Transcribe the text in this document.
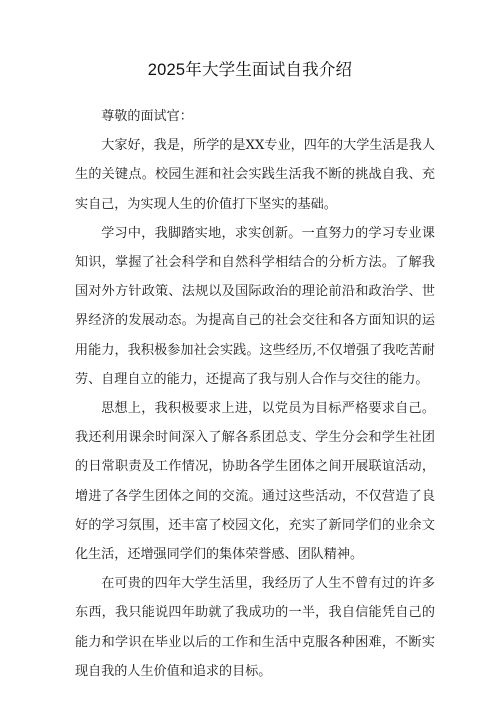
2025年大学生面试自我介绍

尊敬的面试官：

大家好，我是，所学的是XX专业，四年的大学生活是我人生的关键点。校园生涯和社会实践生活我不断的挑战自我、充实自己，为实现人生的价值打下坚实的基础。

学习中，我脚踏实地，求实创新。一直努力的学习专业课知识，掌握了社会科学和自然科学相结合的分析方法。了解我国对外方针政策、法规以及国际政治的理论前沿和政治学、世界经济的发展动态。为提高自己的社会交往和各方面知识的运用能力，我积极参加社会实践。这些经历,不仅增强了我吃苦耐劳、自理自立的能力，还提高了我与别人合作与交往的能力。

思想上，我积极要求上进，以党员为目标严格要求自己。我还利用课余时间深入了解各系团总支、学生分会和学生社团的日常职责及工作情况，协助各学生团体之间开展联谊活动，增进了各学生团体之间的交流。通过这些活动，不仅营造了良好的学习氛围，还丰富了校园文化，充实了新同学们的业余文化生活，还增强同学们的集体荣誉感、团队精神。

在可贵的四年大学生活里，我经历了人生不曾有过的许多东西，我只能说四年助就了我成功的一半，我自信能凭自己的能力和学识在毕业以后的工作和生活中克服各种困难，不断实现自我的人生价值和追求的目标。
